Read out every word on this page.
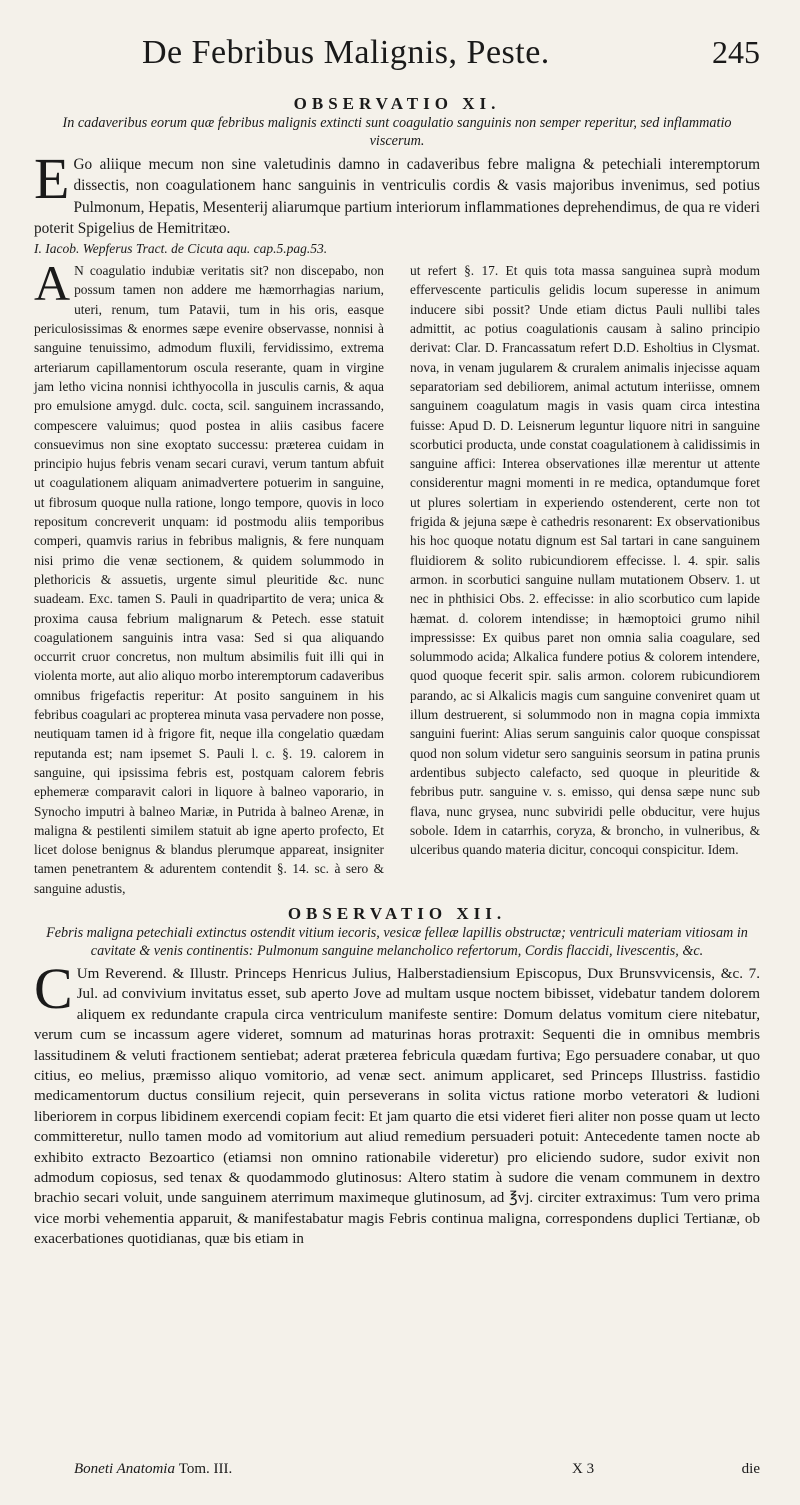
De Febribus Malignis, Peste.	245
OBSERVATIO XI.

In cadaveribus eorum quæ febribus malignis extincti sunt coagulatio sanguinis non semper reperitur, sed inflammatio viscerum.

E Go aliique mecum non sine valetudinis damno in cadaveribus febre maligna & petechiali interemptorum dissectis, non coagulationem hanc sanguinis in ventriculis cordis & vasis majoribus invenimus, sed potius Pulmonum, Hepatis, Mesenterij aliarumque partium interiorum inflammationes deprehendimus, de qua re videri poterit Spigelius de Hemitritæo.

I. Iacob. Wepferus Tract. de Cicuta aqu. cap.5.pag.53.

A N coagulatio indubiæ veritatis sit? non discepabo, non possum tamen non addere me hæmorrhagias narium, uteri, renum, tum Patavii, tum in his oris, easque periculosissimas & enormes sæpe evenire observasse, nonnisi à sanguine tenuissimo, admodum fluxili, fervidissimo, extrema arteriarum capillamentorum oscula reserante, quam in virgine jam letho vicina nonnisi ichthyocolla in jusculis carnis, & aqua pro emulsione amygd. dulc. cocta, scil. sanguinem incrassando, compescere valuimus; quod postea in aliis casibus facere consuevimus non sine exoptato successu: præterea cuidam in principio hujus febris venam secari curavi, verum tantum abfuit ut coagulationem aliquam animadvertere potuerim in sanguine, ut fibrosum quoque nulla ratione, longo tempore, quovis in loco repositum concreverit unquam: id postmodu aliis temporibus comperi, quamvis rarius in febribus malignis, & fere nunquam nisi primo die venæ sectionem, & quidem solummodo in plethoricis & assuetis, urgente simul pleuritide &c. nunc suadeam. Exc. tamen S. Pauli in quadripartito de vera; unica & proxima causa febrium malignarum & Petech. esse statuit coagulationem sanguinis intra vasa: Sed si qua aliquando occurrit cruor concretus, non multum absimilis fuit illi qui in violenta morte, aut alio aliquo morbo interemptorum cadaveribus omnibus frigefactis reperitur: At posito sanguinem in his febribus coagulari ac propterea minuta vasa pervadere non posse, neutiquam tamen id à frigore fit, neque illa congelatio quædam reputanda est; nam ipsemet S. Pauli l. c. §. 19. calorem in sanguine, qui ipsissima febris est, postquam calorem febris ephemeræ comparavit calori in liquore à balneo vaporario, in Synocho imputri à balneo Mariæ, in Putrida à balneo Arenæ, in maligna & pestilenti similem statuit ab igne aperto profecto, Et licet dolose benignus & blandus plerumque appareat, insigniter tamen penetrantem & adurentem contendit §. 14. sc. à sero & sanguine adustis,

ut refert §. 17. Et quis tota massa sanguinea suprà modum effervescente particulis gelidis locum superesse in animum inducere sibi possit? Unde etiam dictus Pauli nullibi tales admittit, ac potius coagulationis causam à salino principio derivat: Clar. D. Francassatum refert D.D. Esholtius in Clysmat. nova, in venam jugularem & cruralem animalis injecisse aquam separatoriam sed debiliorem, animal actutum interiisse, omnem sanguinem coagulatum magis in vasis quam circa intestina fuisse: Apud D. D. Leisnerum leguntur liquore nitri in sanguine scorbutici producta, unde constat coagulationem à calidissimis in sanguine affici: Interea observationes illæ merentur ut attente considerentur magni momenti in re medica, optandumque foret ut plures solertiam in experiendo ostenderent, certe non tot frigida & jejuna sæpe è cathedris resonarent: Ex observationibus his hoc quoque notatu dignum est Sal tartari in cane sanguinem fluidiorem & solito rubicundiorem effecisse. l. 4. spir. salis armon. in scorbutici sanguine nullam mutationem Observ. 1. ut nec in phthisici Obs. 2. effecisse: in alio scorbutico cum lapide hæmat. d. colorem intendisse; in hæmoptoici grumo nihil impressisse: Ex quibus paret non omnia salia coagulare, sed solummodo acida; Alkalica fundere potius & colorem intendere, quod quoque fecerit spir. salis armon. colorem rubicundiorem parando, ac si Alkalicis magis cum sanguine conveniret quam ut illum destruerent, si solummodo non in magna copia immixta sanguini fuerint: Alias serum sanguinis calor quoque conspissat quod non solum videtur sero sanguinis seorsum in patina prunis ardentibus subjecto calefacto, sed quoque in pleuritide & febribus putr. sanguine v. s. emisso, qui densa sæpe nunc sub flava, nunc grysea, nunc subviridi pelle obducitur, vere hujus sobole. Idem in catarrhis, coryza, & broncho, in vulneribus, & ulceribus quando materia dicitur, concoqui conspicitur. Idem.

OBSERVATIO XII.

Febris maligna petechiali extinctus ostendit vitium iecoris, vesicæ felleæ lapillis obstructæ; ventriculi materiam vitiosam in cavitate & venis continentis: Pulmonum sanguine melancholico refertorum, Cordis flaccidi, livescentis, &c.

C Um Reverend. & Illustr. Princeps Henricus Julius, Halberstadiensium Episcopus, Dux Brunsvvicensis, &c. 7. Jul. ad convivium invitatus esset, sub aperto Jove ad multam usque noctem bibisset, videbatur tandem dolorem aliquem ex redundante crapula circa ventriculum manifeste sentire: Domum delatus vomitum ciere nitebatur, verum cum se incassum agere videret, somnum ad maturinas horas protraxit: Sequenti die in omnibus membris lassitudinem & veluti fractionem sentiebat; aderat præterea febricula quædam furtiva; Ego persuadere conabar, ut quo citius, eo melius, præmisso aliquo vomitorio, ad venæ sect. animum applicaret, sed Princeps Illustriss. fastidio medicamentorum ductus consilium rejecit, quin perseverans in solita victus ratione morbo veteratori & ludioni liberiorem in corpus libidinem exercendi copiam fecit: Et jam quarto die etsi videret fieri aliter non posse quam ut lecto committeretur, nullo tamen modo ad vomitorium aut aliud remedium persuaderi potuit: Antecedente tamen nocte ab exhibito extracto Bezoartico (etiamsi non omnino rationabile videretur) pro eliciendo sudore, sudor exivit non admodum copiosus, sed tenax & quodammodo glutinosus: Altero statim à sudore die venam communem in dextro brachio secari voluit, unde sanguinem aterrimum maximeque glutinosum, ad ℥vj. circiter extraximus: Tum vero prima vice morbi vehementia apparuit, & manifestabatur magis Febris continua maligna, correspondens duplici Tertianæ, ob exacerbationes quotidianas, quæ bis etiam in

Boneti Anatomia Tom. III.	X 3	die
